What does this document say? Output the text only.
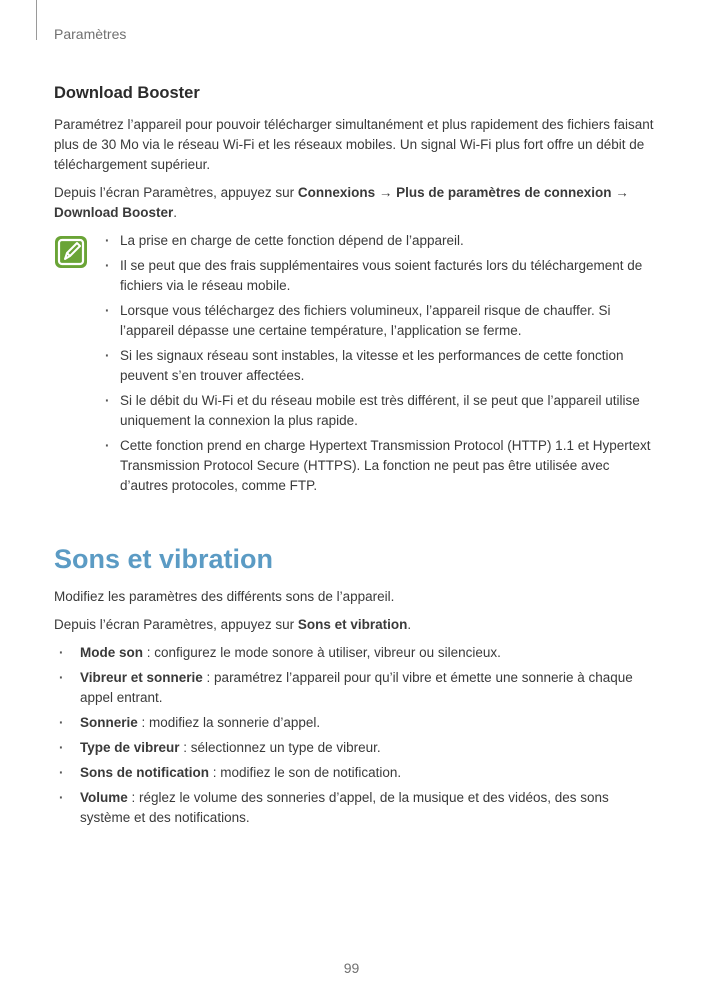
Paramètres
Download Booster

Paramétrez l’appareil pour pouvoir télécharger simultanément et plus rapidement des fichiers faisant plus de 30 Mo via le réseau Wi-Fi et les réseaux mobiles. Un signal Wi-Fi plus fort offre un débit de téléchargement supérieur.

Depuis l’écran Paramètres, appuyez sur Connexions → Plus de paramètres de connexion → Download Booster.

· La prise en charge de cette fonction dépend de l’appareil.
· Il se peut que des frais supplémentaires vous soient facturés lors du téléchargement de fichiers via le réseau mobile.
· Lorsque vous téléchargez des fichiers volumineux, l’appareil risque de chauffer. Si l’appareil dépasse une certaine température, l’application se ferme.
· Si les signaux réseau sont instables, la vitesse et les performances de cette fonction peuvent s’en trouver affectées.
· Si le débit du Wi-Fi et du réseau mobile est très différent, il se peut que l’appareil utilise uniquement la connexion la plus rapide.
· Cette fonction prend en charge Hypertext Transmission Protocol (HTTP) 1.1 et Hypertext Transmission Protocol Secure (HTTPS). La fonction ne peut pas être utilisée avec d’autres protocoles, comme FTP.
Sons et vibration

Modifiez les paramètres des différents sons de l’appareil.

Depuis l’écran Paramètres, appuyez sur Sons et vibration.

· Mode son : configurez le mode sonore à utiliser, vibreur ou silencieux.
· Vibreur et sonnerie : paramétrez l’appareil pour qu’il vibre et émette une sonnerie à chaque appel entrant.
· Sonnerie : modifiez la sonnerie d’appel.
· Type de vibreur : sélectionnez un type de vibreur.
· Sons de notification : modifiez le son de notification.
· Volume : réglez le volume des sonneries d’appel, de la musique et des vidéos, des sons système et des notifications.
99
